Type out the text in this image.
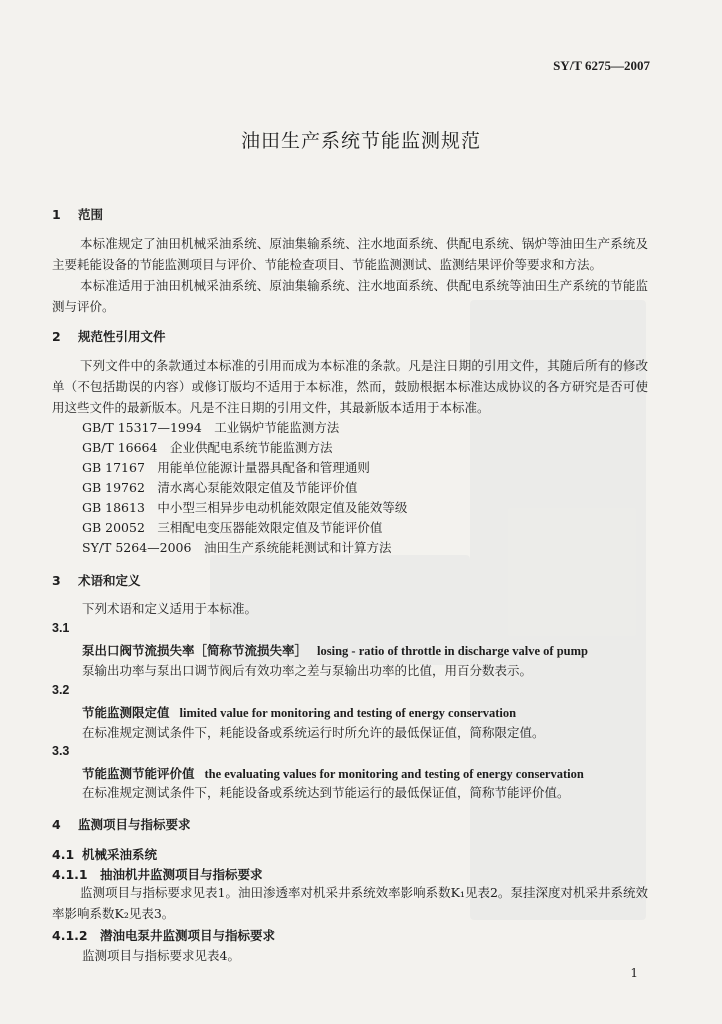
SY/T 6275—2007
油田生产系统节能监测规范
1 范围
本标准规定了油田机械采油系统、原油集输系统、注水地面系统、供配电系统、锅炉等油田生产系统及主要耗能设备的节能监测项目与评价、节能检查项目、节能监测测试、监测结果评价等要求和方法。
本标准适用于油田机械采油系统、原油集输系统、注水地面系统、供配电系统等油田生产系统的节能监测与评价。
2 规范性引用文件
下列文件中的条款通过本标准的引用而成为本标准的条款。凡是注日期的引用文件，其随后所有的修改单（不包括勘误的内容）或修订版均不适用于本标准，然而，鼓励根据本标准达成协议的各方研究是否可使用这些文件的最新版本。凡是不注日期的引用文件，其最新版本适用于本标准。
GB/T 15317—1994　工业锅炉节能监测方法
GB/T 16664　企业供配电系统节能监测方法
GB 17167　用能单位能源计量器具配备和管理通则
GB 19762　清水离心泵能效限定值及节能评价值
GB 18613　中小型三相异步电动机能效限定值及能效等级
GB 20052　三相配电变压器能效限定值及节能评价值
SY/T 5264—2006　油田生产系统能耗测试和计算方法
3 术语和定义
下列术语和定义适用于本标准。
3.1
泵出口阀节流损失率［简称节流损失率］ losing - ratio of throttle in discharge valve of pump
泵输出功率与泵出口调节阀后有效功率之差与泵输出功率的比值，用百分数表示。
3.2
节能监测限定值 limited value for monitoring and testing of energy conservation
在标准规定测试条件下，耗能设备或系统运行时所允许的最低保证值，简称限定值。
3.3
节能监测节能评价值 the evaluating values for monitoring and testing of energy conservation
在标准规定测试条件下，耗能设备或系统达到节能运行的最低保证值，简称节能评价值。
4 监测项目与指标要求
4.1 机械采油系统
4.1.1 抽油机井监测项目与指标要求
监测项目与指标要求见表1。油田渗透率对机采井系统效率影响系数K₁见表2。泵挂深度对机采井系统效率影响系数K₂见表3。
4.1.2 潜油电泵井监测项目与指标要求
监测项目与指标要求见表4。
1
